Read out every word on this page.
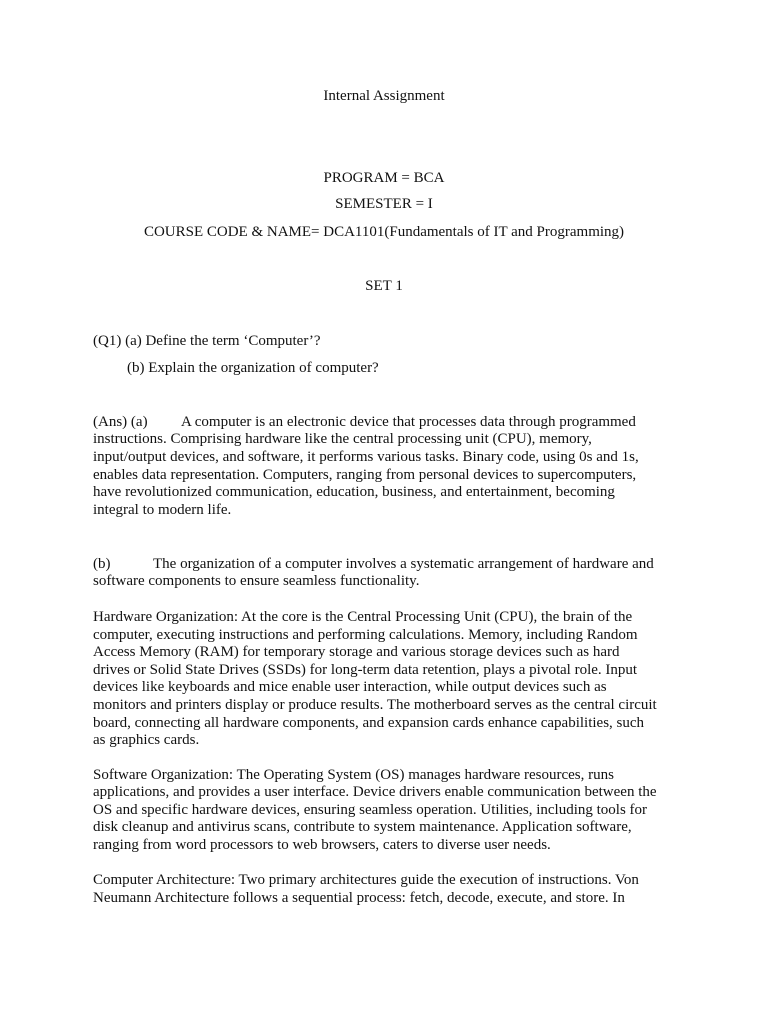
Internal Assignment
PROGRAM = BCA
SEMESTER = I
COURSE CODE & NAME= DCA1101(Fundamentals of IT and Programming)
SET 1
(Q1) (a) Define the term ‘Computer’?
(b) Explain the organization of computer?
(Ans) (a) A computer is an electronic device that processes data through programmed
instructions. Comprising hardware like the central processing unit (CPU), memory,
input/output devices, and software, it performs various tasks. Binary code, using 0s and 1s,
enables data representation. Computers, ranging from personal devices to supercomputers,
have revolutionized communication, education, business, and entertainment, becoming
integral to modern life.
(b)	The organization of a computer involves a systematic arrangement of hardware and
software components to ensure seamless functionality.
Hardware Organization: At the core is the Central Processing Unit (CPU), the brain of the
computer, executing instructions and performing calculations. Memory, including Random
Access Memory (RAM) for temporary storage and various storage devices such as hard
drives or Solid State Drives (SSDs) for long-term data retention, plays a pivotal role. Input
devices like keyboards and mice enable user interaction, while output devices such as
monitors and printers display or produce results. The motherboard serves as the central circuit
board, connecting all hardware components, and expansion cards enhance capabilities, such
as graphics cards.
Software Organization: The Operating System (OS) manages hardware resources, runs
applications, and provides a user interface. Device drivers enable communication between the
OS and specific hardware devices, ensuring seamless operation. Utilities, including tools for
disk cleanup and antivirus scans, contribute to system maintenance. Application software,
ranging from word processors to web browsers, caters to diverse user needs.
Computer Architecture: Two primary architectures guide the execution of instructions. Von
Neumann Architecture follows a sequential process: fetch, decode, execute, and store. In
